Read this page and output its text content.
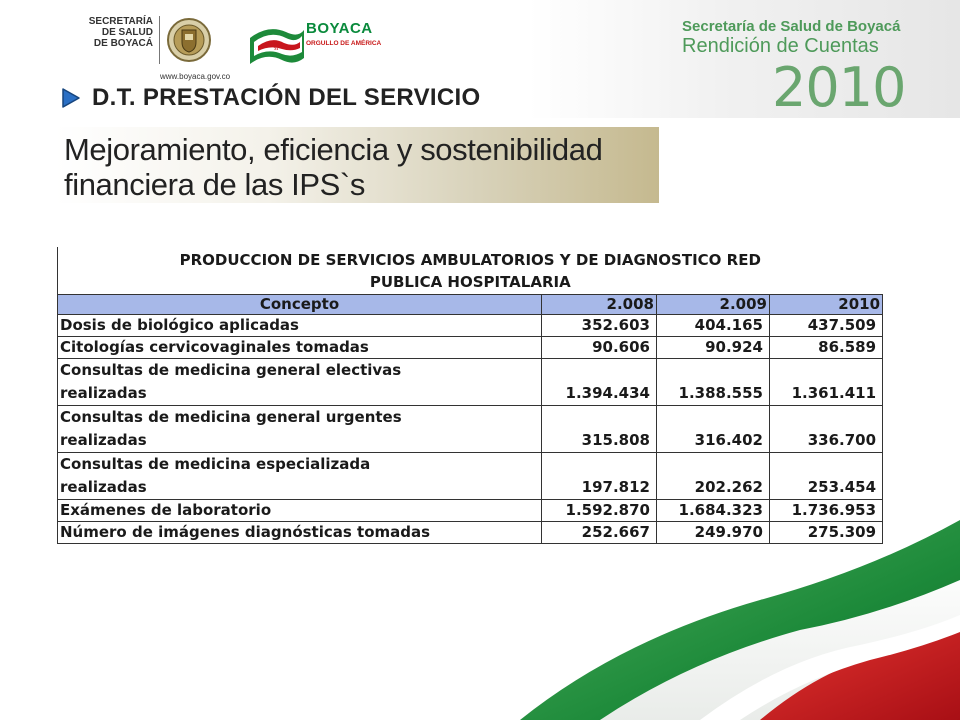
SECRETARÍA
DE SALUD
DE BOYACÁ
www.boyaca.gov.co
sí
BOYACA
ORGULLO DE AMÉRICA
Secretaría de Salud de Boyacá
Rendición de Cuentas
2010
D.T. PRESTACIÓN DEL SERVICIO
Mejoramiento, eficiencia y sostenibilidad
financiera de las IPS`s
PRODUCCION DE SERVICIOS AMBULATORIOS Y DE DIAGNOSTICO RED
PUBLICA HOSPITALARIA			
Concepto	2.008	2.009	2010
Dosis de biológico aplicadas	352.603	404.165	437.509
Citologías cervicovaginales tomadas	90.606	90.924	86.589
Consultas de medicina general electivas
realizadas	1.394.434	1.388.555	1.361.411
Consultas de medicina general urgentes
realizadas	315.808	316.402	336.700
Consultas de medicina especializada
realizadas	197.812	202.262	253.454
Exámenes de laboratorio	1.592.870	1.684.323	1.736.953
Número de imágenes diagnósticas tomadas	252.667	249.970	275.309
